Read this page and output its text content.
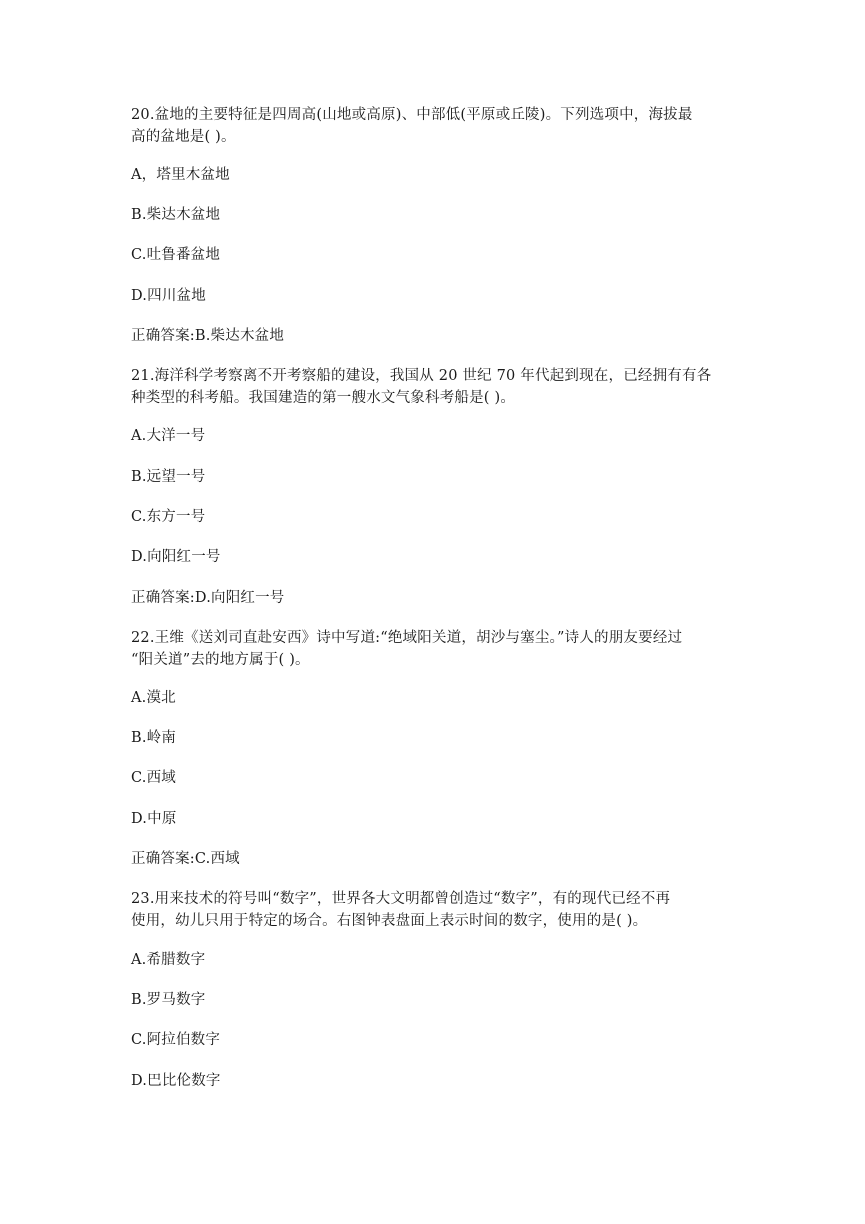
20.盆地的主要特征是四周高(山地或高原)、中部低(平原或丘陵)。下列选项中，海拔最
高的盆地是( )。
A，塔里木盆地
B.柴达木盆地
C.吐鲁番盆地
D.四川盆地
正确答案:B.柴达木盆地
21.海洋科学考察离不开考察船的建设，我国从 20 世纪 70 年代起到现在，已经拥有有各
种类型的科考船。我国建造的第一艘水文气象科考船是( )。
A.大洋一号
B.远望一号
C.东方一号
D.向阳红一号
正确答案:D.向阳红一号
22.王维《送刘司直赴安西》诗中写道:“绝域阳关道，胡沙与塞尘。”诗人的朋友要经过
“阳关道”去的地方属于( )。
A.漠北
B.岭南
C.西域
D.中原
正确答案:C.西域
23.用来技术的符号叫“数字”，世界各大文明都曾创造过“数字”，有的现代已经不再
使用，幼儿只用于特定的场合。右图钟表盘面上表示时间的数字，使用的是( )。
A.希腊数字
B.罗马数字
C.阿拉伯数字
D.巴比伦数字
